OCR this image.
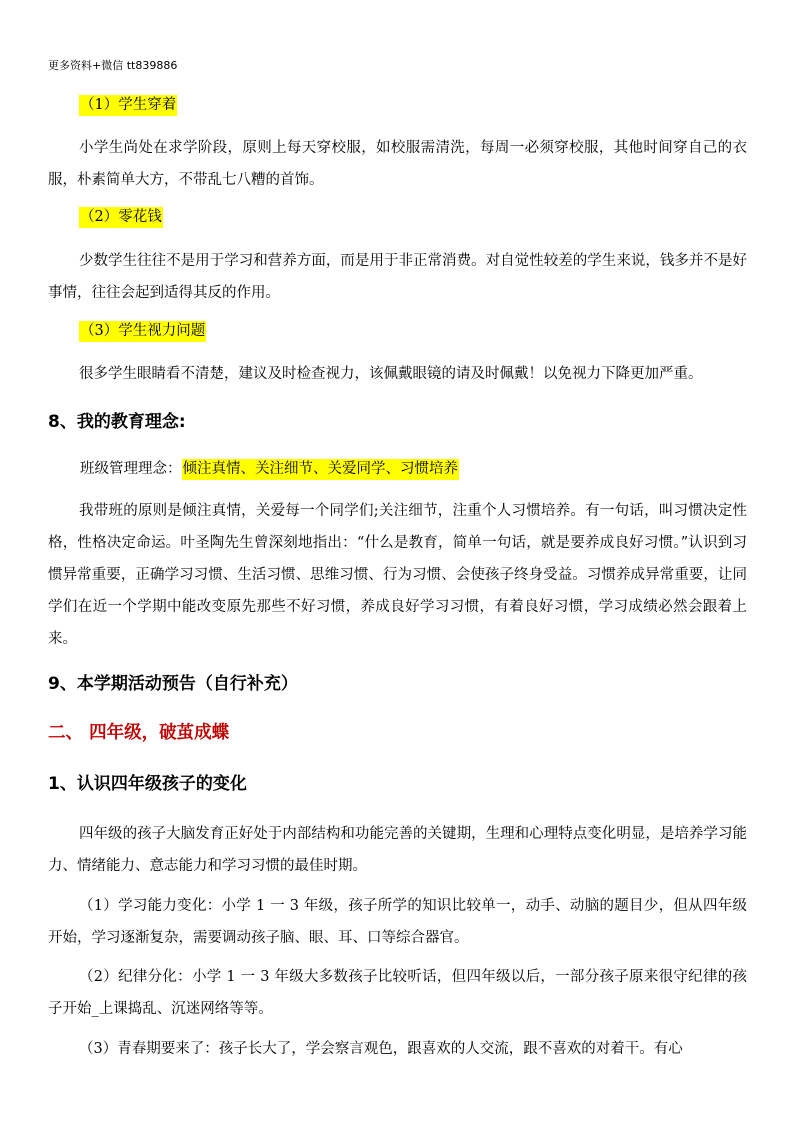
更多资料+微信 tt839886
（1）学生穿着

小学生尚处在求学阶段，原则上每天穿校服，如校服需清洗，每周一必须穿校服，其他时间穿自己的衣服，朴素简单大方，不带乱七八糟的首饰。

（2）零花钱

少数学生往往不是用于学习和营养方面，而是用于非正常消费。对自觉性较差的学生来说，钱多并不是好事情，往往会起到适得其反的作用。

（3）学生视力问题

很多学生眼睛看不清楚，建议及时检查视力，该佩戴眼镜的请及时佩戴！以免视力下降更加严重。

8、我的教育理念:
班级管理理念：倾注真情、关注细节、关爱同学、习惯培养

我带班的原则是倾注真情，关爱每一个同学们;关注细节，注重个人习惯培养。有一句话，叫习惯决定性格，性格决定命运。叶圣陶先生曾深刻地指出：“什么是教育，简单一句话，就是要养成良好习惯。”认识到习惯异常重要，正确学习习惯、生活习惯、思维习惯、行为习惯、会使孩子终身受益。习惯养成异常重要，让同学们在近一个学期中能改变原先那些不好习惯，养成良好学习习惯，有着良好习惯，学习成绩必然会跟着上来。

9、本学期活动预告（自行补充）
二、 四年级，破茧成蝶
1、认识四年级孩子的变化

四年级的孩子大脑发育正好处于内部结构和功能完善的关键期，生理和心理特点变化明显，是培养学习能力、情绪能力、意志能力和学习习惯的最佳时期。

（1）学习能力变化：小学 1 一 3 年级，孩子所学的知识比较单一，动手、动脑的题目少，但从四年级开始，学习逐渐复杂，需要调动孩子脑、眼、耳、口等综合器官。

（2）纪律分化：小学 1 一 3 年级大多数孩子比较听话，但四年级以后，一部分孩子原来很守纪律的孩子开始_上课捣乱、沉迷网络等等。

（3）青春期要来了：孩子长大了，学会察言观色，跟喜欢的人交流，跟不喜欢的对着干。有心
